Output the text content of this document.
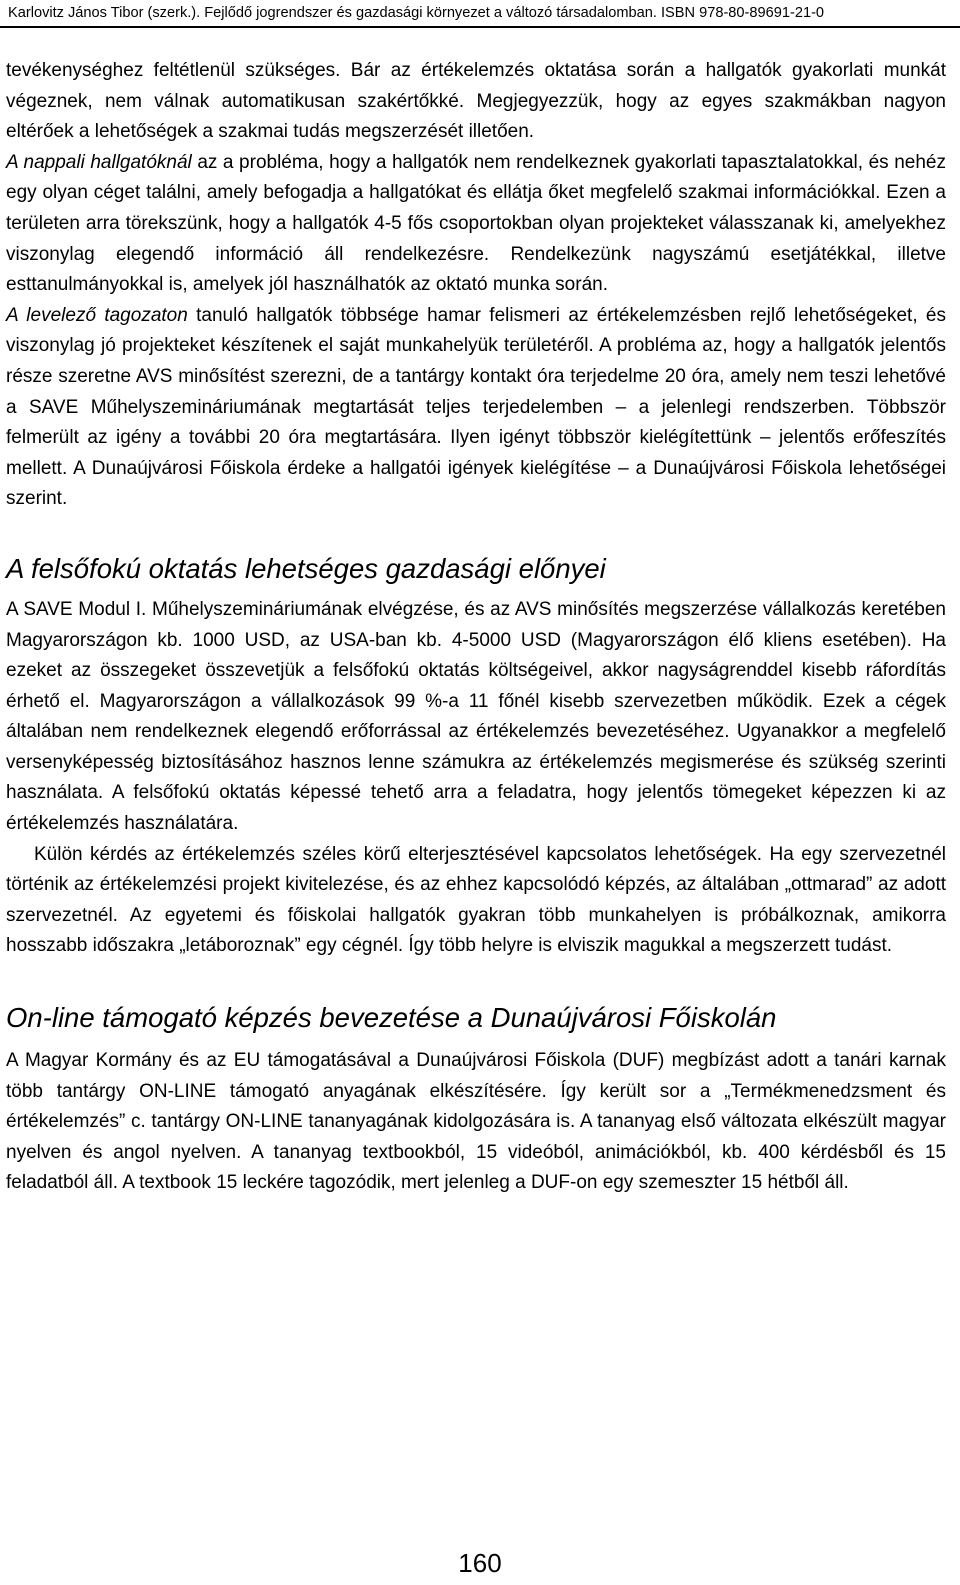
Karlovitz János Tibor (szerk.). Fejlődő jogrendszer és gazdasági környezet a változó társadalomban. ISBN 978-80-89691-21-0

tevékenységhez feltétlenül szükséges. Bár az értékelemzés oktatása során a hallgatók gyakorlati munkát végeznek, nem válnak automatikusan szakértőkké. Megjegyezzük, hogy az egyes szakmákban nagyon eltérőek a lehetőségek a szakmai tudás megszerzését illetően.

A nappali hallgatóknál az a probléma, hogy a hallgatók nem rendelkeznek gyakorlati tapasztalatokkal, és nehéz egy olyan céget találni, amely befogadja a hallgatókat és ellátja őket megfelelő szakmai információkkal. Ezen a területen arra törekszünk, hogy a hallgatók 4-5 fős csoportokban olyan projekteket válasszanak ki, amelyekhez viszonylag elegendő információ áll rendelkezésre. Rendelkezünk nagyszámú esetjátékkal, illetve esttanulmányokkal is, amelyek jól használhatók az oktató munka során.

A levelező tagozaton tanuló hallgatók többsége hamar felismeri az értékelemzésben rejlő lehetőségeket, és viszonylag jó projekteket készítenek el saját munkahelyük területéről. A probléma az, hogy a hallgatók jelentős része szeretne AVS minősítést szerezni, de a tantárgy kontakt óra terjedelme 20 óra, amely nem teszi lehetővé a SAVE Műhelyszemináriumának megtartását teljes terjedelemben – a jelenlegi rendszerben. Többször felmerült az igény a további 20 óra megtartására. Ilyen igényt többször kielégítettünk – jelentős erőfeszítés mellett. A Dunaújvárosi Főiskola érdeke a hallgatói igények kielégítése – a Dunaújvárosi Főiskola lehetőségei szerint.

A felsőfokú oktatás lehetséges gazdasági előnyei

A SAVE Modul I. Műhelyszemináriumának elvégzése, és az AVS minősítés megszerzése vállalkozás keretében Magyarországon kb. 1000 USD, az USA-ban kb. 4-5000 USD (Magyarországon élő kliens esetében). Ha ezeket az összegeket összevetjük a felsőfokú oktatás költségeivel, akkor nagyságrenddel kisebb ráfordítás érhető el. Magyarországon a vállalkozások 99 %-a 11 főnél kisebb szervezetben működik. Ezek a cégek általában nem rendelkeznek elegendő erőforrással az értékelemzés bevezetéséhez. Ugyanakkor a megfelelő versenyképesség biztosításához hasznos lenne számukra az értékelemzés megismerése és szükség szerinti használata. A felsőfokú oktatás képessé tehető arra a feladatra, hogy jelentős tömegeket képezzen ki az értékelemzés használatára.

Külön kérdés az értékelemzés széles körű elterjesztésével kapcsolatos lehetőségek. Ha egy szervezetnél történik az értékelemzési projekt kivitelezése, és az ehhez kapcsolódó képzés, az általában „ottmarad” az adott szervezetnél. Az egyetemi és főiskolai hallgatók gyakran több munkahelyen is próbálkoznak, amikorra hosszabb időszakra „letáboroznak” egy cégnél. Így több helyre is elviszik magukkal a megszerzett tudást.

On-line támogató képzés bevezetése a Dunaújvárosi Főiskolán

A Magyar Kormány és az EU támogatásával a Dunaújvárosi Főiskola (DUF) megbízást adott a tanári karnak több tantárgy ON-LINE támogató anyagának elkészítésére. Így került sor a „Termékmenedzsment és értékelemzés” c. tantárgy ON-LINE tananyagának kidolgozására is. A tananyag első változata elkészült magyar nyelven és angol nyelven. A tananyag textbookból, 15 videóból, animációkból, kb. 400 kérdésből és 15 feladatból áll. A textbook 15 leckére tagozódik, mert jelenleg a DUF-on egy szemeszter 15 hétből áll.

160
